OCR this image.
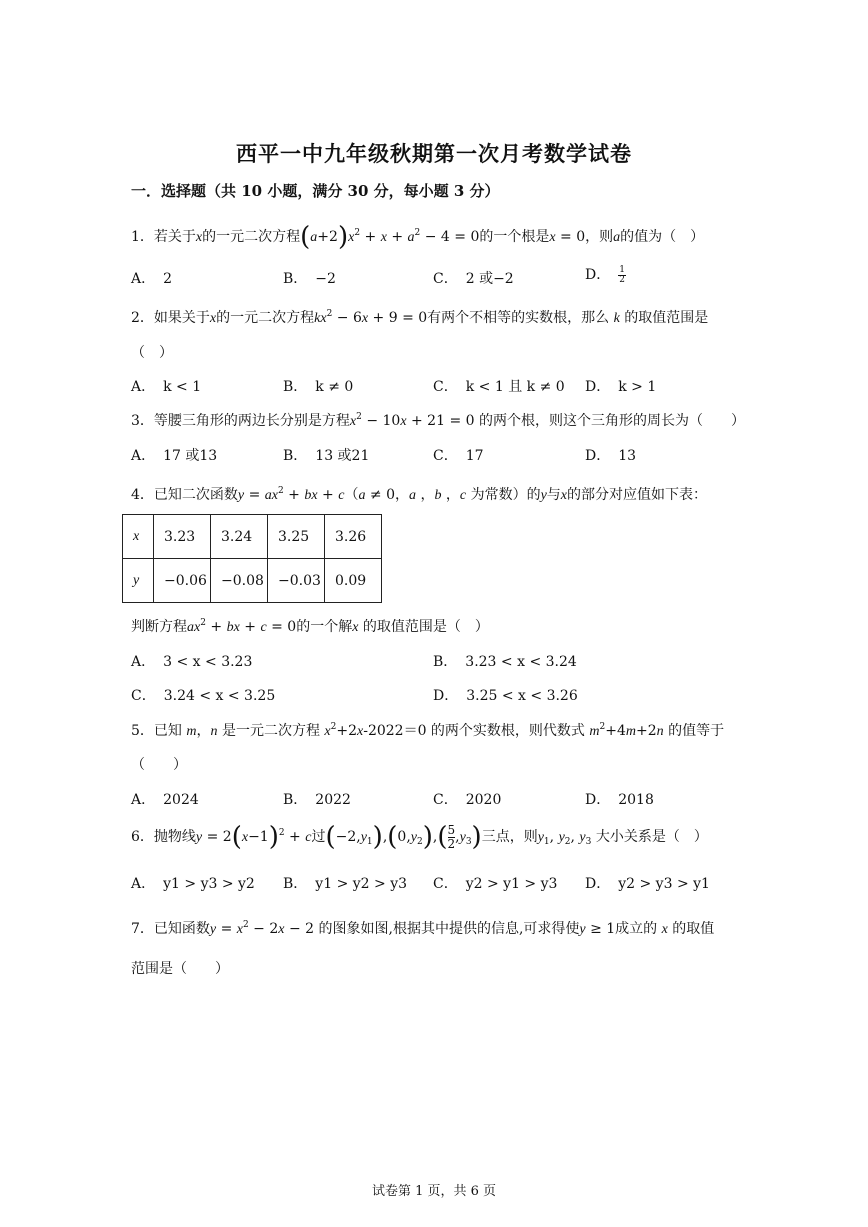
西平一中九年级秋期第一次月考数学试卷
一．选择题（共 10 小题，满分 30 分，每小题 3 分）
1．若关于x的一元二次方程$(a+2)x^2 + x + a^2 - 4 = 0$的一个根是x = 0，则a的值为（　）
A． 2	B． −2	C． 2 或−2	D． $\frac{1}{2}$
2．如果关于x的一元二次方程$kx^2 - 6x + 9 = 0$有两个不相等的实数根，那么 k 的取值范围是
（　）
A． k < 1	B． k ≠ 0	C． k < 1 且 k ≠ 0 D． k > 1
3．等腰三角形的两边长分别是方程$x^2 - 10x + 21 = 0$ 的两个根，则这个三角形的周长为（　　）
A． 17 或13	B． 13 或21	C． 17	D． 13
4．已知二次函数$y = ax^2$ + bx + c（a ≠ 0，a ，b ，c 为常数）的y与x的部分对应值如下表：
x	3.23	3.24	3.25	3.26
y	−0.06	−0.08	−0.03	0.09
判断方程$ax^2$ + bx + c = 0的一个解x 的取值范围是（　）
A． 3 < x < 3.23	B． 3.23 < x < 3.24
C． 3.24 < x < 3.25	D． 3.25 < x < 3.26
5．已知 m，n 是一元二次方程 $x^2+2x-2022=0$ 的两个实数根，则代数式 $m^2+4m+2n$ 的值等于
（　　）
A． 2024	B． 2022	C． 2020	D． 2018
6．抛物线$y = 2(x-1)^2 + c$过$(-2,y_1),(0,y_2),( \frac{5}{2} ,y_3)$三点，则$y_1$, $y_2$, $y_3$ 大小关系是（　）
A． y1 > y3 > y2 B． y1 > y2 > y3 C． y2 > y1 > y3 D． y2 > y3 > y1
7．已知函数$y = x^2 - 2x - 2$ 的图象如图,根据其中提供的信息,可求得使y ≥ 1成立的 x 的取值
范围是（　　）
试卷第 1 页，共 6 页
